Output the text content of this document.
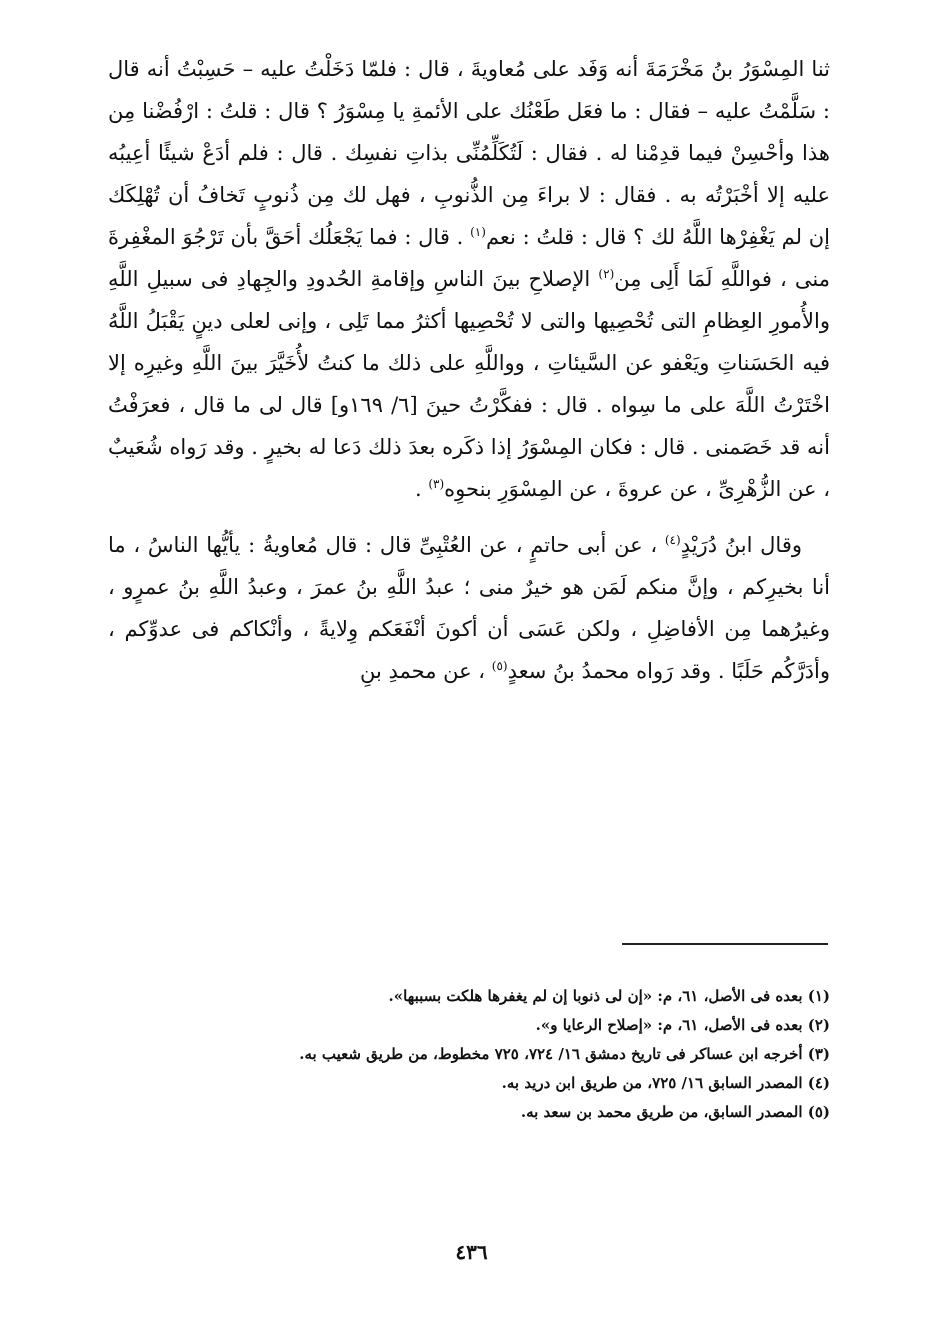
ثنا المِسْوَرُ بنُ مَخْرَمَةَ أنه وَفَد على مُعاويةَ ، قال : فلمّا دَخَلْتُ عليه – حَسِبْتُ أنه قال : سَلَّمْتُ عليه – فقال : ما فعَل طَعْنُك على الأئمةِ يا مِسْوَرُ ؟ قال : قلتُ : ارْفُضْنا مِن هذا وأحْسِنْ فيما قدِمْنا له . فقال : لَتُكَلِّمُنِّى بذاتِ نفسِك . قال : فلم أدَعْ شيئًا أعِيبُه عليه إلا أخْبَرْتُه به . فقال : لا براءَ مِن الذُّنوبِ ، فهل لك مِن ذُنوبٍ تَخافُ أن تُهْلِكَك إن لم يَغْفِرْها اللَّهُ لك ؟ قال : قلتُ : نعم$^{(١)}$ . قال : فما يَجْعَلُك أحَقَّ بأن تَرْجُوَ المغْفِرةَ منى ، فواللَّهِ لَمَا أَلِى مِن$^{(٢)}$ الإصلاحِ بينَ الناسِ وإقامةِ الحُدودِ والجِهادِ فى سبيلِ اللَّهِ والأُمورِ العِظامِ التى تُحْصِيها والتى لا تُحْصِيها أكثرُ مما تَلِى ، وإنى لعلى دينٍ يَقْبَلُ اللَّهُ فيه الحَسَناتِ ويَعْفو عن السَّيئاتِ ، وواللَّهِ على ذلك ما كنتُ لأُخَيَّرَ بينَ اللَّهِ وغيرِه إلا اخْتَرْتُ اللَّهَ على ما سِواه . قال : ففكَّرْتُ حينَ [٦/ ١٦٩و] قال لى ما قال ، فعرَفْتُ أنه قد خَصَمنى . قال : فكان المِسْوَرُ إذا ذكَره بعدَ ذلك دَعا له بخيرٍ . وقد رَواه شُعَيبٌ ، عن الزُّهْرِىِّ ، عن عروةَ ، عن المِسْوَرِ بنحوِه$^{(٣)}$ .

وقال ابنُ دُرَيْدٍ$^{(٤)}$ ، عن أبى حاتمٍ ، عن العُتْبِىِّ قال : قال مُعاويةُ : يأيُّها الناسُ ، ما أنا بخيرِكم ، وإنَّ منكم لَمَن هو خيرٌ منى ؛ عبدُ اللَّهِ بنُ عمرَ ، وعبدُ اللَّهِ بنُ عمرٍو ، وغيرُهما مِن الأفاضِلِ ، ولكن عَسَى أن أكونَ أنْفَعَكم وِلايةً ، وأنْكاكم فى عدوِّكم ، وأدَرَّكُم حَلَبًا . وقد رَواه محمدُ بنُ سعدٍ$^{(٥)}$ ، عن محمدِ بنِ

(١) بعده فى الأصل، ٦١، م: «إن لى ذنوبا إن لم يغفرها هلكت بسببها».
(٢) بعده فى الأصل، ٦١، م: «إصلاح الرعايا و».
(٣) أخرجه ابن عساكر فى تاريخ دمشق ١٦/ ٧٢٤، ٧٢٥ مخطوط، من طريق شعيب به.
(٤) المصدر السابق ١٦/ ٧٢٥، من طريق ابن دريد به.
(٥) المصدر السابق، من طريق محمد بن سعد به.
٤٣٦
